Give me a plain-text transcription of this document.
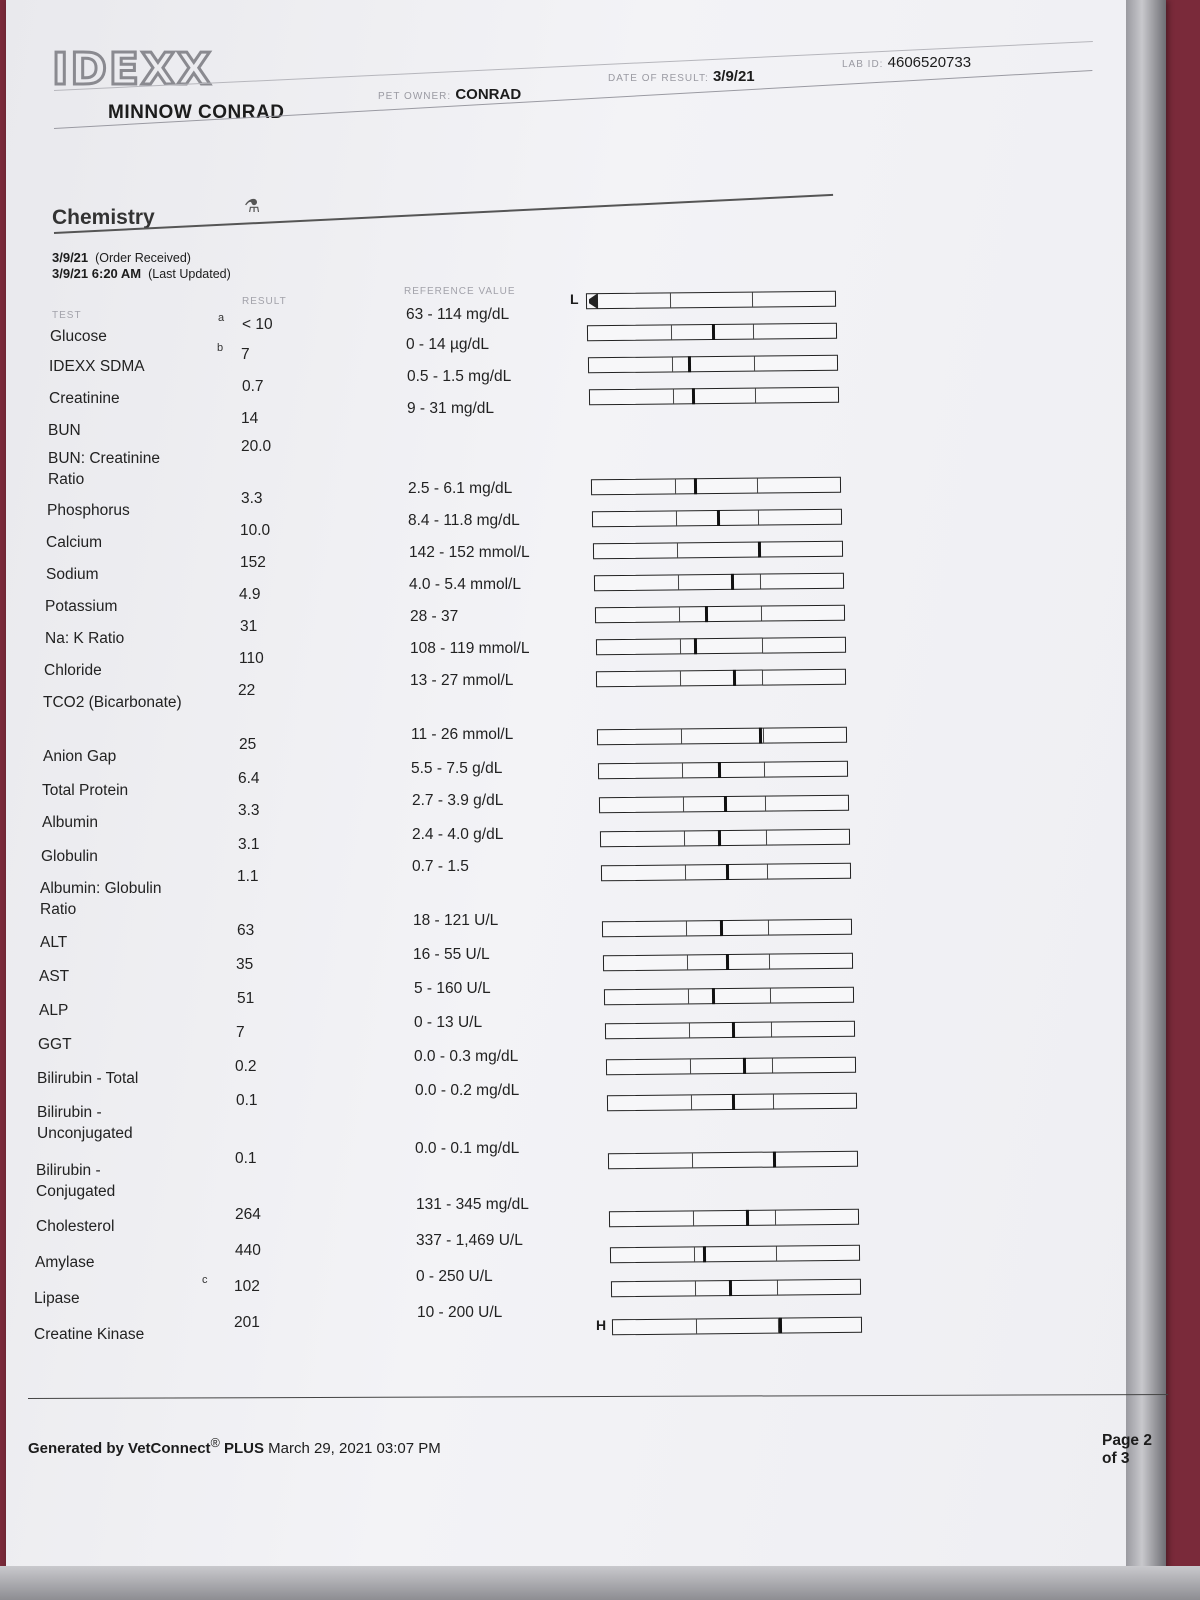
IDEXX
MINNOW CONRAD
PET OWNER: CONRAD
DATE OF RESULT: 3/9/21
LAB ID: 4606520733
Chemistry	⚗
3/9/21 (Order Received)
3/9/21 6:20 AM (Last Updated)
TEST
RESULT
REFERENCE VALUE
Glucose
a < 10
63 - 114 mg/dL
L
IDEXX SDMA
b 7
0 - 14 µg/dL
Creatinine
0.7
0.5 - 1.5 mg/dL
BUN
14
9 - 31 mg/dL
BUN: Creatinine Ratio
20.0
Phosphorus
3.3
2.5 - 6.1 mg/dL
Calcium
10.0
8.4 - 11.8 mg/dL
Sodium
152
142 - 152 mmol/L
Potassium
4.9
4.0 - 5.4 mmol/L
Na: K Ratio
31
28 - 37
Chloride
110
108 - 119 mmol/L
TCO2 (Bicarbonate)
22
13 - 27 mmol/L
Anion Gap
25
11 - 26 mmol/L
Total Protein
6.4
5.5 - 7.5 g/dL
Albumin
3.3
2.7 - 3.9 g/dL
Globulin
3.1
2.4 - 4.0 g/dL
Albumin: Globulin Ratio
1.1
0.7 - 1.5
ALT
63
18 - 121 U/L
AST
35
16 - 55 U/L
ALP
51
5 - 160 U/L
GGT
7
0 - 13 U/L
Bilirubin - Total
0.2
0.0 - 0.3 mg/dL
Bilirubin - Unconjugated
0.1
0.0 - 0.2 mg/dL
Bilirubin - Conjugated
0.1
0.0 - 0.1 mg/dL
Cholesterol
264
131 - 345 mg/dL
Amylase
440
337 - 1,469 U/L
Lipase
c 102
0 - 250 U/L
Creatine Kinase
201
10 - 200 U/L
H
Generated by VetConnect® PLUS March 29, 2021 03:07 PM	Page 2 of 3
